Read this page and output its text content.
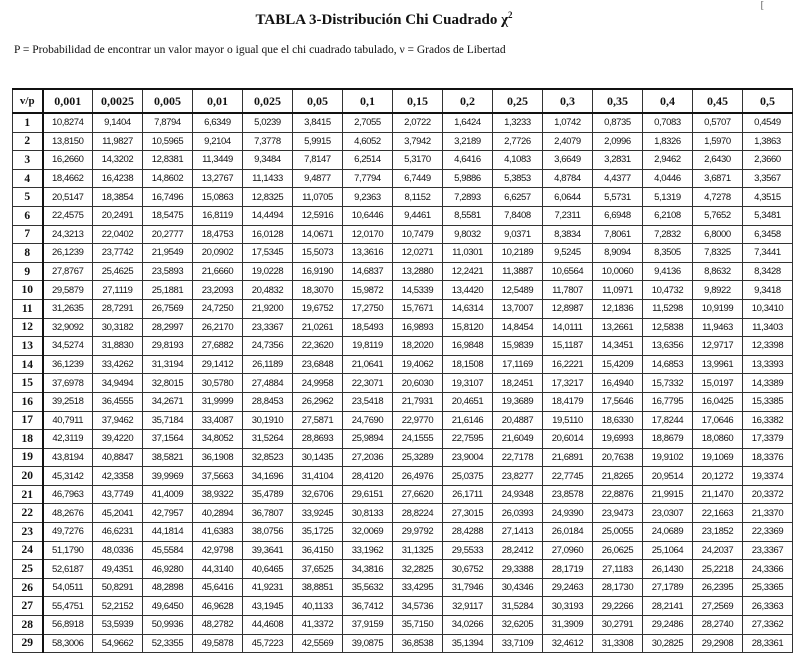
[
TABLA 3-Distribución Chi Cuadrado $\chi^2$
P = Probabilidad de encontrar un valor mayor o igual que el chi cuadrado tabulado, ν = Grados de Libertad
v/p	0,001	0,0025	0,005	0,01	0,025	0,05	0,1	0,15	0,2	0,25	0,3	0,35	0,4	0,45	0,5
1	10,8274	9,1404	7,8794	6,6349	5,0239	3,8415	2,7055	2,0722	1,6424	1,3233	1,0742	0,8735	0,7083	0,5707	0,4549
2	13,8150	11,9827	10,5965	9,2104	7,3778	5,9915	4,6052	3,7942	3,2189	2,7726	2,4079	2,0996	1,8326	1,5970	1,3863
3	16,2660	14,3202	12,8381	11,3449	9,3484	7,8147	6,2514	5,3170	4,6416	4,1083	3,6649	3,2831	2,9462	2,6430	2,3660
4	18,4662	16,4238	14,8602	13,2767	11,1433	9,4877	7,7794	6,7449	5,9886	5,3853	4,8784	4,4377	4,0446	3,6871	3,3567
5	20,5147	18,3854	16,7496	15,0863	12,8325	11,0705	9,2363	8,1152	7,2893	6,6257	6,0644	5,5731	5,1319	4,7278	4,3515
6	22,4575	20,2491	18,5475	16,8119	14,4494	12,5916	10,6446	9,4461	8,5581	7,8408	7,2311	6,6948	6,2108	5,7652	5,3481
7	24,3213	22,0402	20,2777	18,4753	16,0128	14,0671	12,0170	10,7479	9,8032	9,0371	8,3834	7,8061	7,2832	6,8000	6,3458
8	26,1239	23,7742	21,9549	20,0902	17,5345	15,5073	13,3616	12,0271	11,0301	10,2189	9,5245	8,9094	8,3505	7,8325	7,3441
9	27,8767	25,4625	23,5893	21,6660	19,0228	16,9190	14,6837	13,2880	12,2421	11,3887	10,6564	10,0060	9,4136	8,8632	8,3428
10	29,5879	27,1119	25,1881	23,2093	20,4832	18,3070	15,9872	14,5339	13,4420	12,5489	11,7807	11,0971	10,4732	9,8922	9,3418
11	31,2635	28,7291	26,7569	24,7250	21,9200	19,6752	17,2750	15,7671	14,6314	13,7007	12,8987	12,1836	11,5298	10,9199	10,3410
12	32,9092	30,3182	28,2997	26,2170	23,3367	21,0261	18,5493	16,9893	15,8120	14,8454	14,0111	13,2661	12,5838	11,9463	11,3403
13	34,5274	31,8830	29,8193	27,6882	24,7356	22,3620	19,8119	18,2020	16,9848	15,9839	15,1187	14,3451	13,6356	12,9717	12,3398
14	36,1239	33,4262	31,3194	29,1412	26,1189	23,6848	21,0641	19,4062	18,1508	17,1169	16,2221	15,4209	14,6853	13,9961	13,3393
15	37,6978	34,9494	32,8015	30,5780	27,4884	24,9958	22,3071	20,6030	19,3107	18,2451	17,3217	16,4940	15,7332	15,0197	14,3389
16	39,2518	36,4555	34,2671	31,9999	28,8453	26,2962	23,5418	21,7931	20,4651	19,3689	18,4179	17,5646	16,7795	16,0425	15,3385
17	40,7911	37,9462	35,7184	33,4087	30,1910	27,5871	24,7690	22,9770	21,6146	20,4887	19,5110	18,6330	17,8244	17,0646	16,3382
18	42,3119	39,4220	37,1564	34,8052	31,5264	28,8693	25,9894	24,1555	22,7595	21,6049	20,6014	19,6993	18,8679	18,0860	17,3379
19	43,8194	40,8847	38,5821	36,1908	32,8523	30,1435	27,2036	25,3289	23,9004	22,7178	21,6891	20,7638	19,9102	19,1069	18,3376
20	45,3142	42,3358	39,9969	37,5663	34,1696	31,4104	28,4120	26,4976	25,0375	23,8277	22,7745	21,8265	20,9514	20,1272	19,3374
21	46,7963	43,7749	41,4009	38,9322	35,4789	32,6706	29,6151	27,6620	26,1711	24,9348	23,8578	22,8876	21,9915	21,1470	20,3372
22	48,2676	45,2041	42,7957	40,2894	36,7807	33,9245	30,8133	28,8224	27,3015	26,0393	24,9390	23,9473	23,0307	22,1663	21,3370
23	49,7276	46,6231	44,1814	41,6383	38,0756	35,1725	32,0069	29,9792	28,4288	27,1413	26,0184	25,0055	24,0689	23,1852	22,3369
24	51,1790	48,0336	45,5584	42,9798	39,3641	36,4150	33,1962	31,1325	29,5533	28,2412	27,0960	26,0625	25,1064	24,2037	23,3367
25	52,6187	49,4351	46,9280	44,3140	40,6465	37,6525	34,3816	32,2825	30,6752	29,3388	28,1719	27,1183	26,1430	25,2218	24,3366
26	54,0511	50,8291	48,2898	45,6416	41,9231	38,8851	35,5632	33,4295	31,7946	30,4346	29,2463	28,1730	27,1789	26,2395	25,3365
27	55,4751	52,2152	49,6450	46,9628	43,1945	40,1133	36,7412	34,5736	32,9117	31,5284	30,3193	29,2266	28,2141	27,2569	26,3363
28	56,8918	53,5939	50,9936	48,2782	44,4608	41,3372	37,9159	35,7150	34,0266	32,6205	31,3909	30,2791	29,2486	28,2740	27,3362
29	58,3006	54,9662	52,3355	49,5878	45,7223	42,5569	39,0875	36,8538	35,1394	33,7109	32,4612	31,3308	30,2825	29,2908	28,3361
